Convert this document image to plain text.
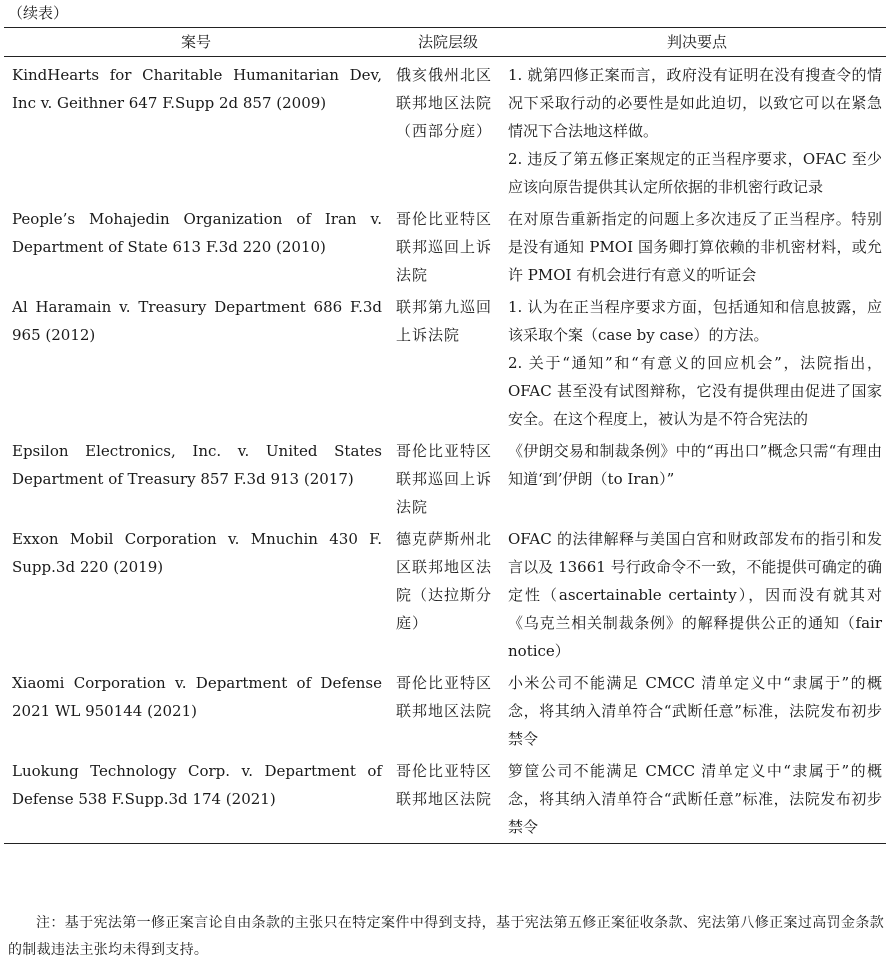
（续表）
案号	法院层级	判决要点
KindHearts for Charitable Humanitarian Dev, Inc v. Geithner 647 F.Supp 2d 857 (2009)	俄亥俄州北区联邦地区法院（西部分庭）	1. 就第四修正案而言，政府没有证明在没有搜查令的情况下采取行动的必要性是如此迫切，以致它可以在紧急情况下合法地这样做。

2. 违反了第五修正案规定的正当程序要求，OFAC 至少应该向原告提供其认定所依据的非机密行政记录

People’s Mohajedin Organization of Iran v. Department of State 613 F.3d 220 (2010)	哥伦比亚特区联邦巡回上诉法院	在对原告重新指定的问题上多次违反了正当程序。特别是没有通知 PMOI 国务卿打算依赖的非机密材料，或允许 PMOI 有机会进行有意义的听证会

Al Haramain v. Treasury Department 686 F.3d 965 (2012)	联邦第九巡回上诉法院	1. 认为在正当程序要求方面，包括通知和信息披露，应该采取个案（case by case）的方法。

2. 关于“通知”和“有意义的回应机会”，法院指出，OFAC 甚至没有试图辩称，它没有提供理由促进了国家安全。在这个程度上，被认为是不符合宪法的

Epsilon Electronics, Inc. v. United States Department of Treasury 857 F.3d 913 (2017)	哥伦比亚特区联邦巡回上诉法院	《伊朗交易和制裁条例》中的“再出口”概念只需“有理由知道‘到’伊朗（to Iran）”

Exxon Mobil Corporation v. Mnuchin 430 F. Supp.3d 220 (2019)	德克萨斯州北区联邦地区法院（达拉斯分庭）	OFAC 的法律解释与美国白宫和财政部发布的指引和发言以及 13661 号行政命令不一致，不能提供可确定的确定性（ascertainable certainty），因而没有就其对《乌克兰相关制裁条例》的解释提供公正的通知（fair notice）

Xiaomi Corporation v. Department of Defense 2021 WL 950144 (2021)	哥伦比亚特区联邦地区法院	小米公司不能满足 CMCC 清单定义中“隶属于”的概念，将其纳入清单符合“武断任意”标准，法院发布初步禁令

Luokung Technology Corp. v. Department of Defense 538 F.Supp.3d 174 (2021)	哥伦比亚特区联邦地区法院	箩筐公司不能满足 CMCC 清单定义中“隶属于”的概念，将其纳入清单符合“武断任意”标准，法院发布初步禁令

注：基于宪法第一修正案言论自由条款的主张只在特定案件中得到支持，基于宪法第五修正案征收条款、宪法第八修正案过高罚金条款的制裁违法主张均未得到支持。
